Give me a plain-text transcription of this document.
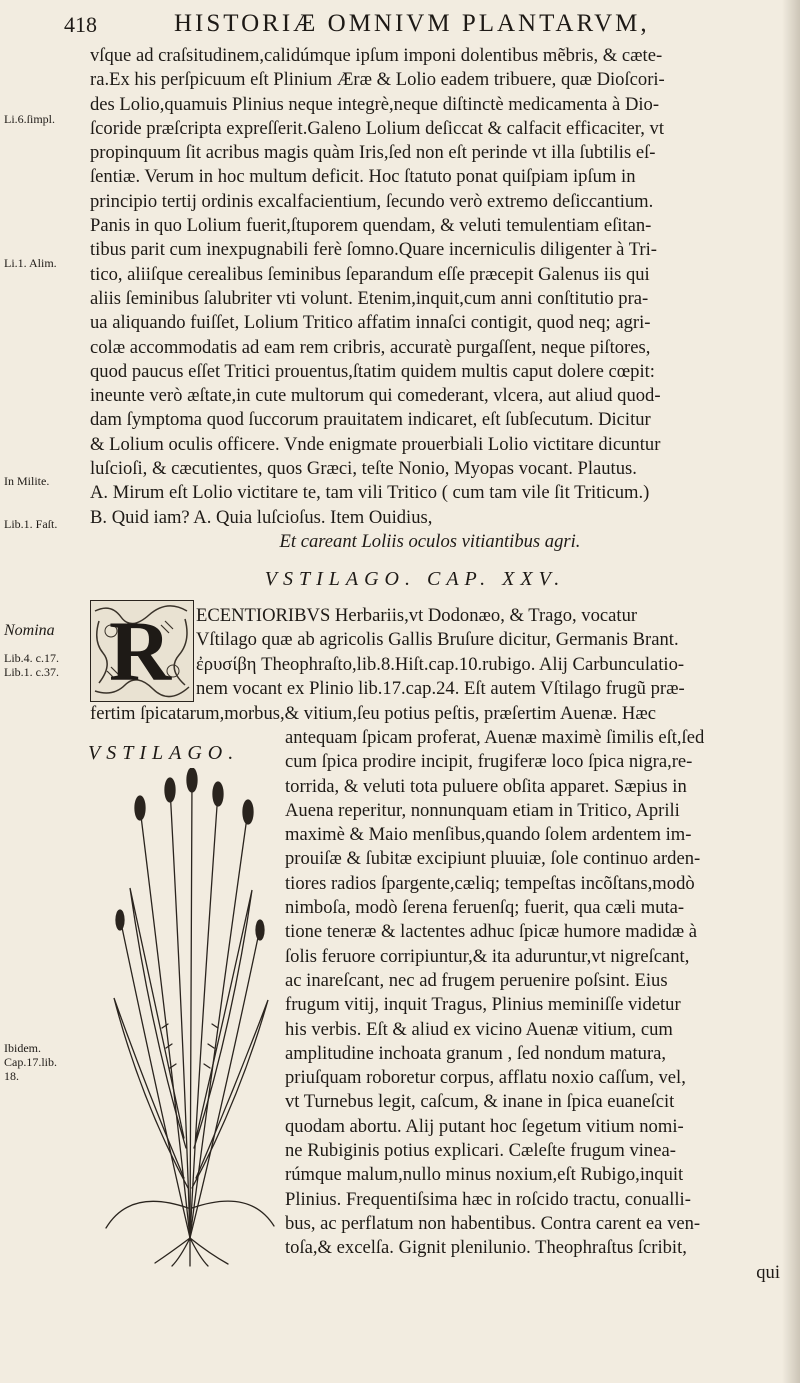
418	HISTORIÆ OMNIVM PLANTARVM,
vſque ad craſsitudinem,calidúmque ipſum imponi dolentibus mẽbris, & cæte-
ra.Ex his perſpicuum eſt Plinium Æræ & Lolio eadem tribuere, quæ Dioſcori-
des Lolio,quamuis Plinius neque integrè,neque diſtinctè medicamenta à Dio-
ſcoride præſcripta expreſſerit.Galeno Lolium deſiccat & calfacit efficaciter, vt
propinquum ſit acribus magis quàm Iris,ſed non eſt perinde vt illa ſubtilis eſ-
ſentiæ. Verum in hoc multum deficit. Hoc ſtatuto ponat quiſpiam ipſum in
principio tertij ordinis excalfacientium, ſecundo verò extremo deſiccantium.
Panis in quo Lolium fuerit,ſtuporem quendam, & veluti temulentiam eſitan-
tibus parit cum inexpugnabili ferè ſomno.Quare incerniculis diligenter à Tri-
tico, aliiſque cerealibus ſeminibus ſeparandum eſſe præcepit Galenus iis qui
aliis ſeminibus ſalubriter vti volunt. Etenim,inquit,cum anni conſtitutio pra-
ua aliquando fuiſſet, Lolium Tritico affatim innaſci contigit, quod neq; agri-
colæ accommodatis ad eam rem cribris, accuratè purgaſſent, neque piſtores,
quod paucus eſſet Tritici prouentus,ſtatim quidem multis caput dolere cœpit:
ineunte verò æſtate,in cute multorum qui comederant, vlcera, aut aliud quod-
dam ſymptoma quod ſuccorum prauitatem indicaret, eſt ſubſecutum. Dicitur
& Lolium oculis officere. Vnde enigmate prouerbiali Lolio victitare dicuntur
luſcioſi, & cæcutientes, quos Græci, teſte Nonio, Myopas vocant. Plautus.
A. Mirum eſt Lolio victitare te, tam vili Tritico ( cum tam vile ſit Triticum.)
B. Quid iam? A. Quia luſcioſus. Item Ouidius,
Et careant Loliis oculos vitiantibus agri.
Li.6.ſimpl.
Li.1. Alim.
In Milite.
Lib.1. Faſt.
Nomina
Lib.4. c.17.
Lib.1. c.37.
Ibidem.
Cap.17.lib.
18.
VSTILAGO. CAP. XXV.
R ECENTIORIBVS Herbariis,vt Dodonæo, & Trago, vocatur
Vſtilago quæ ab agricolis Gallis Bruſure dicitur, Germanis Brant.
ἐρυσίβη Theophraſto,lib.8.Hiſt.cap.10.rubigo. Alij Carbunculatio-
nem vocant ex Plinio lib.17.cap.24. Eſt autem Vſtilago frugũ præ-
fertim ſpicatarum,morbus,& vitium,ſeu potius peſtis, præſertim Auenæ. Hæc
antequam ſpicam proferat, Auenæ maximè ſimilis eſt,ſed
cum ſpica prodire incipit, frugiferæ loco ſpica nigra,re-
torrida, & veluti tota puluere obſita apparet. Sæpius in
Auena reperitur, nonnunquam etiam in Tritico, Aprili
maximè & Maio menſibus,quando ſolem ardentem im-
prouiſæ & ſubitæ excipiunt pluuiæ, ſole continuo arden-
tiores radios ſpargente,cæliq; tempeſtas incõſtans,modò
nimboſa, modò ſerena feruenſq; fuerit, qua cæli muta-
tione teneræ & lactentes adhuc ſpicæ humore madidæ à
ſolis feruore corripiuntur,& ita aduruntur,vt nigreſcant,
ac inareſcant, nec ad frugem peruenire poſsint. Eius
frugum vitij, inquit Tragus, Plinius meminiſſe videtur
his verbis. Eſt & aliud ex vicino Auenæ vitium, cum
amplitudine inchoata granum , ſed nondum matura,
priuſquam roboretur corpus, afflatu noxio caſſum, vel,
vt Turnebus legit, caſcum, & inane in ſpica euaneſcit
quodam abortu. Alij putant hoc ſegetum vitium nomi-
ne Rubiginis potius explicari. Cæleſte frugum vinea-
rúmque malum,nullo minus noxium,eſt Rubigo,inquit
Plinius. Frequentiſsima hæc in roſcido tractu, conualli-
bus, ac perflatum non habentibus. Contra carent ea ven-
toſa,& excelſa. Gignit plenilunio. Theophraſtus ſcribit,
qui
VSTILAGO.
